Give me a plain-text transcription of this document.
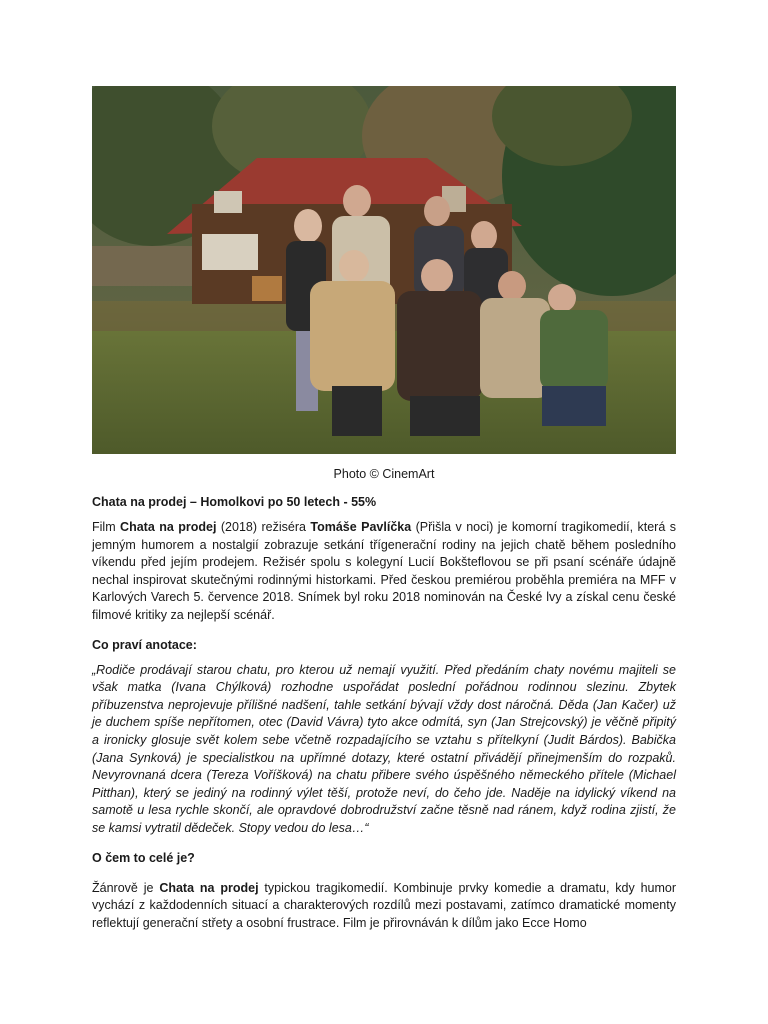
Photo © CinemArt
Chata na prodej – Homolkovi po 50 letech - 55%

Film Chata na prodej (2018) režiséra Tomáše Pavlíčka (Přišla v noci) je komorní tragikomedií, která s jemným humorem a nostalgií zobrazuje setkání třígenerační rodiny na jejich chatě během posledního víkendu před jejím prodejem. Režisér spolu s kolegyní Lucií Bokšteflovou se při psaní scénáře údajně nechal inspirovat skutečnými rodinnými historkami. Před českou premiérou proběhla premiéra na MFF v Karlových Varech 5. července 2018. Snímek byl roku 2018 nominován na České lvy a získal cenu české filmové kritiky za nejlepší scénář.

Co praví anotace:

„Rodiče prodávají starou chatu, pro kterou už nemají využití. Před předáním chaty novému majiteli se však matka (Ivana Chýlková) rozhodne uspořádat poslední pořádnou rodinnou slezinu. Zbytek příbuzenstva neprojevuje přílišné nadšení, tahle setkání bývají vždy dost náročná. Děda (Jan Kačer) už je duchem spíše nepřítomen, otec (David Vávra) tyto akce odmítá, syn (Jan Strejcovský) je věčně připitý a ironicky glosuje svět kolem sebe včetně rozpadajícího se vztahu s přítelkyní (Judit Bárdos). Babička (Jana Synková) je specialistkou na upřímné dotazy, které ostatní přivádějí přinejmenším do rozpaků. Nevyrovnaná dcera (Tereza Voříšková) na chatu přibere svého úspěšného německého přítele (Michael Pitthan), který se jediný na rodinný výlet těší, protože neví, do čeho jde. Naděje na idylický víkend na samotě u lesa rychle skončí, ale opravdové dobrodružství začne těsně nad ránem, když rodina zjistí, že se kamsi vytratil dědeček. Stopy vedou do lesa…“

O čem to celé je?

Žánrově je Chata na prodej typickou tragikomedií. Kombinuje prvky komedie a dramatu, kdy humor vychází z každodenních situací a charakterových rozdílů mezi postavami, zatímco dramatické momenty reflektují generační střety a osobní frustrace. Film je přirovnáván k dílům jako Ecce Homo
